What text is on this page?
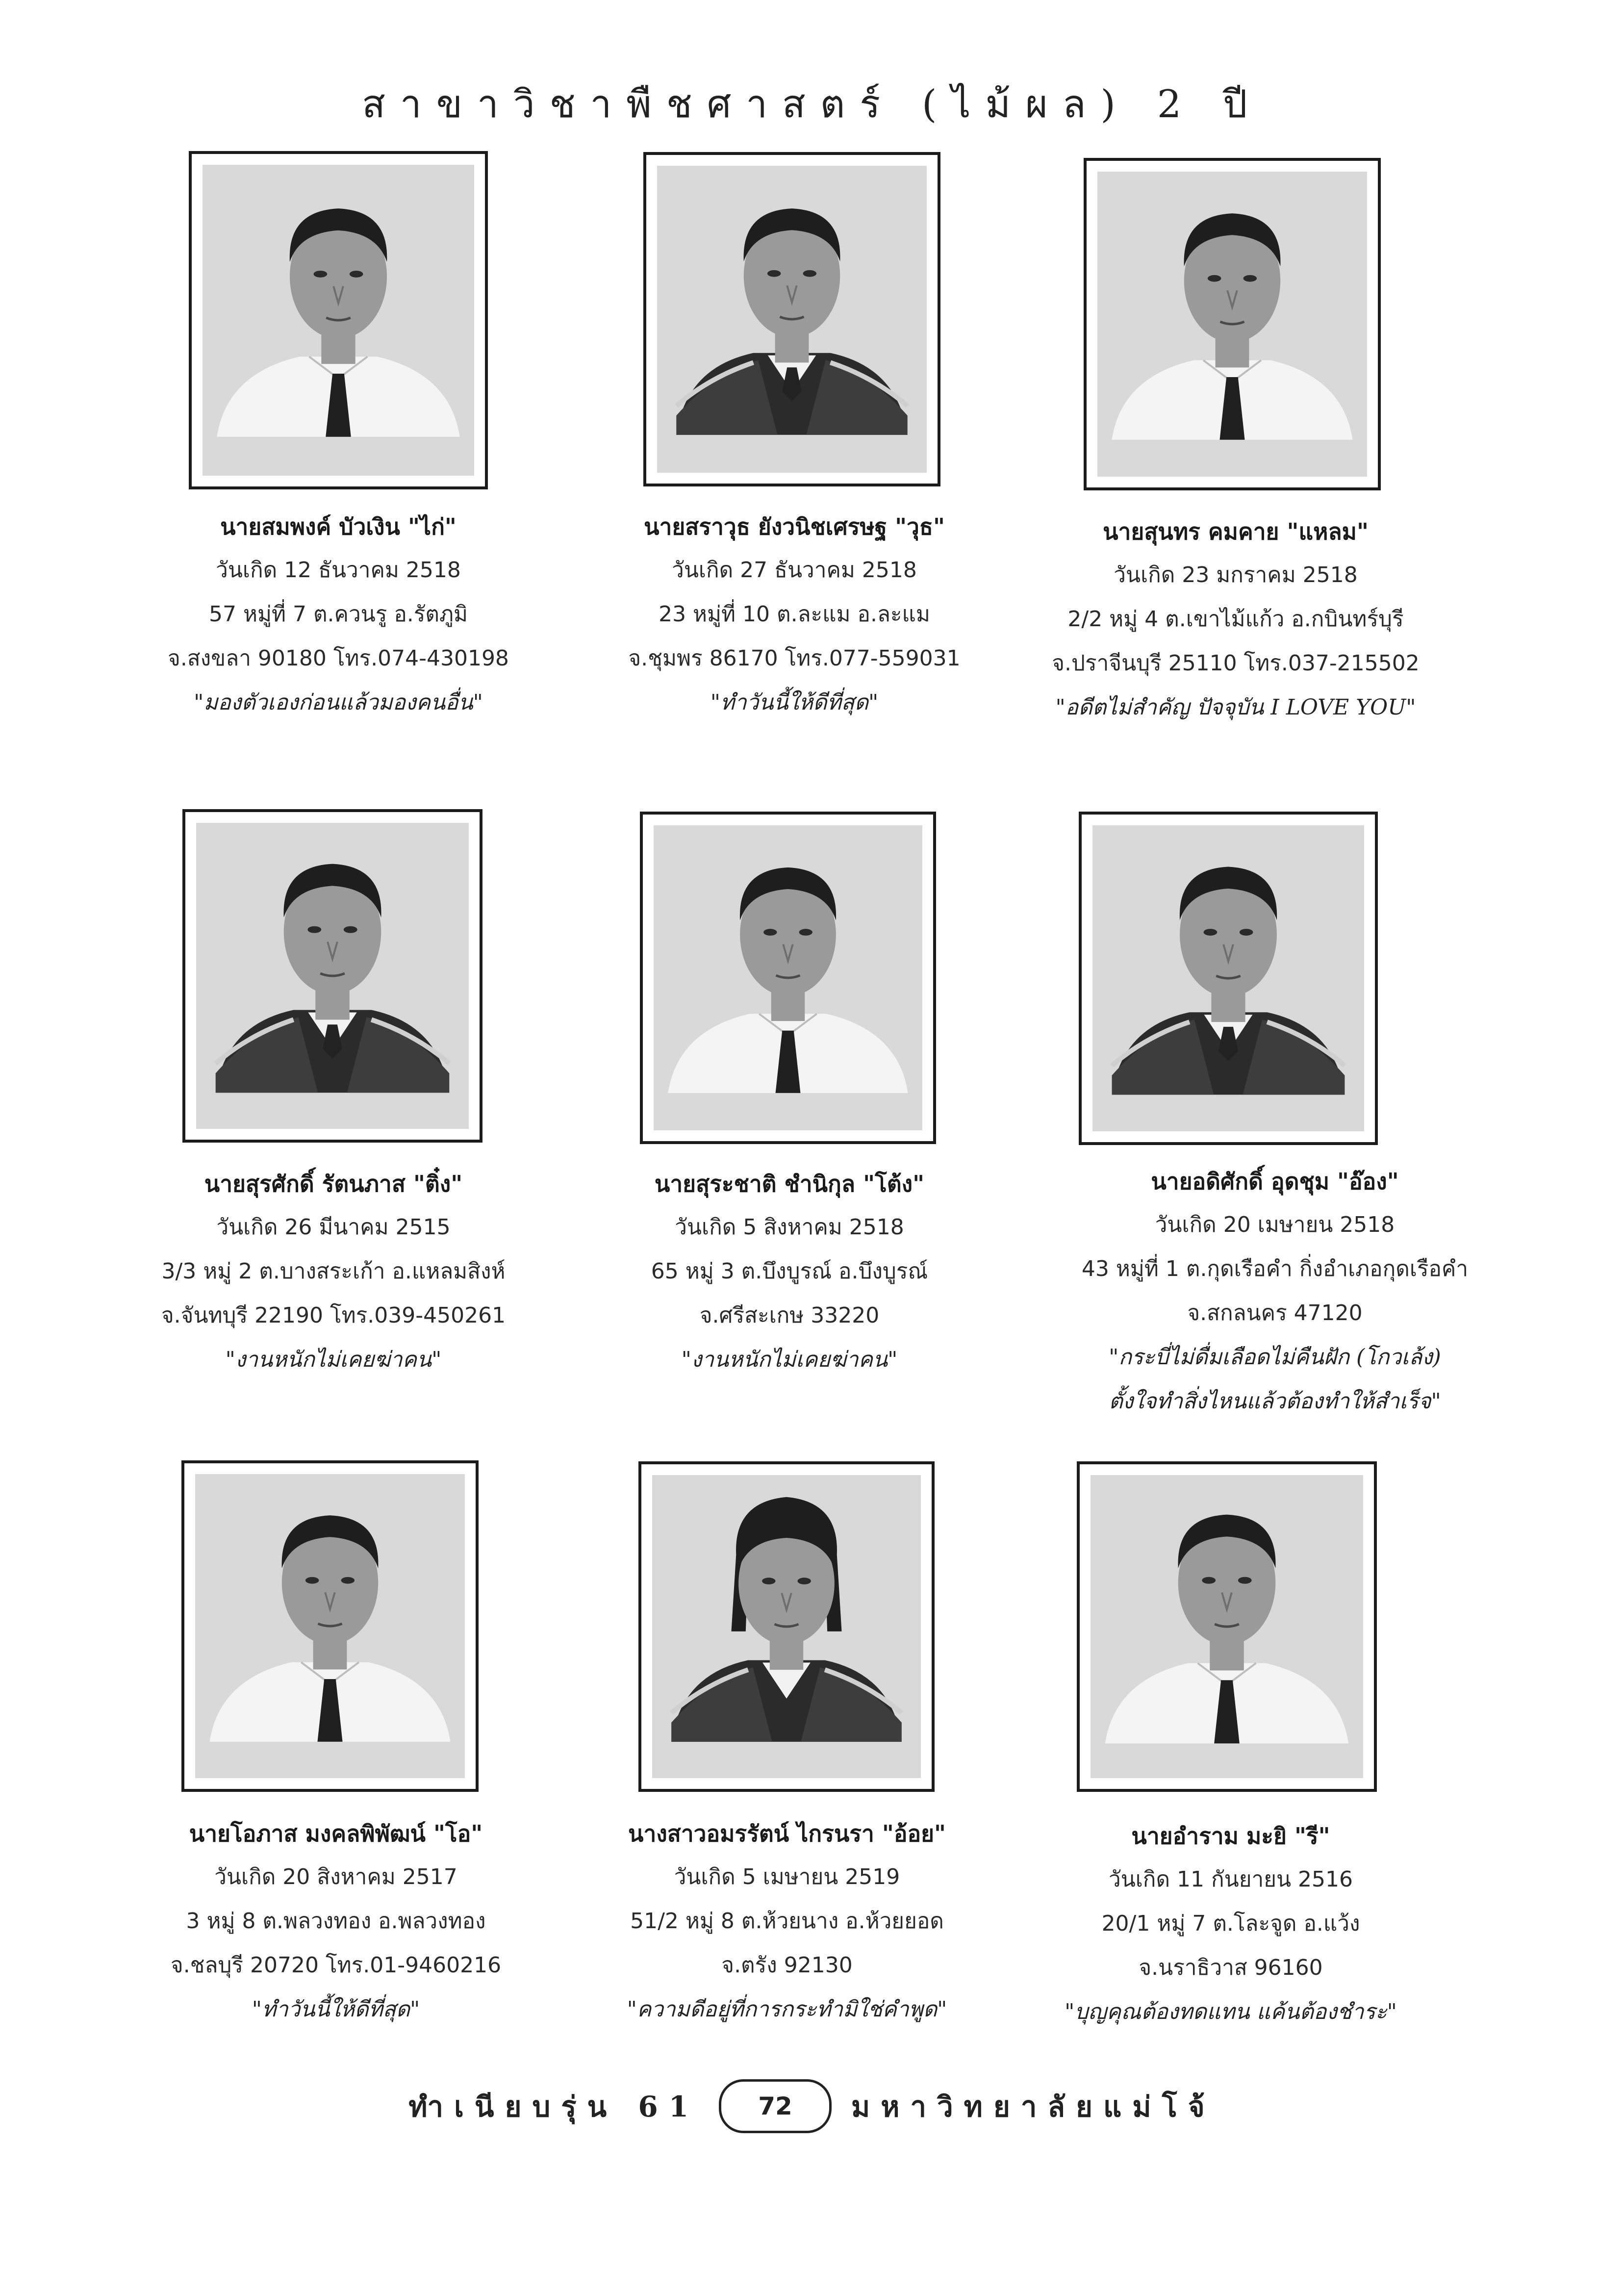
สาขาวิชาพืชศาสตร์ (ไม้ผล) 2 ปี
นายสมพงค์ บัวเงิน "ไก่"
วันเกิด 12 ธันวาคม 2518
57 หมู่ที่ 7 ต.ควนรู อ.รัตภูมิ
จ.สงขลา 90180 โทร.074-430198
"มองตัวเองก่อนแล้วมองคนอื่น"
นายสราวุธ ยังวนิชเศรษฐ "วุธ"
วันเกิด 27 ธันวาคม 2518
23 หมู่ที่ 10 ต.ละแม อ.ละแม
จ.ชุมพร 86170 โทร.077-559031
"ทำวันนี้ให้ดีที่สุด"
นายสุนทร คมคาย "แหลม"
วันเกิด 23 มกราคม 2518
2/2 หมู่ 4 ต.เขาไม้แก้ว อ.กบินทร์บุรี
จ.ปราจีนบุรี 25110 โทร.037-215502
"อดีตไม่สำคัญ ปัจจุบัน I LOVE YOU"
นายสุรศักดิ์ รัตนภาส "ติ๋ง"
วันเกิด 26 มีนาคม 2515
3/3 หมู่ 2 ต.บางสระเก้า อ.แหลมสิงห์
จ.จันทบุรี 22190 โทร.039-450261
"งานหนักไม่เคยฆ่าคน"
นายสุระชาติ ชำนิกุล "โต้ง"
วันเกิด 5 สิงหาคม 2518
65 หมู่ 3 ต.บึงบูรณ์ อ.บึงบูรณ์
จ.ศรีสะเกษ 33220
"งานหนักไม่เคยฆ่าคน"
นายอดิศักดิ์ อุดชุม "อ๊อง"
วันเกิด 20 เมษายน 2518
43 หมู่ที่ 1 ต.กุดเรือคำ กิ่งอำเภอกุดเรือคำ
จ.สกลนคร 47120
"กระบี่ไม่ดื่มเลือดไม่คืนฝัก (โกวเล้ง)
ตั้งใจทำสิ่งไหนแล้วต้องทำให้สำเร็จ"
นายโอภาส มงคลพิพัฒน์ "โอ"
วันเกิด 20 สิงหาคม 2517
3 หมู่ 8 ต.พลวงทอง อ.พลวงทอง
จ.ชลบุรี 20720 โทร.01-9460216
"ทำวันนี้ให้ดีที่สุด"
นางสาวอมรรัตน์ ไกรนรา "อ้อย"
วันเกิด 5 เมษายน 2519
51/2 หมู่ 8 ต.ห้วยนาง อ.ห้วยยอด
จ.ตรัง 92130
"ความดีอยู่ที่การกระทำมิใช่คำพูด"
นายอำราม มะยิ "รี"
วันเกิด 11 กันยายน 2516
20/1 หมู่ 7 ต.โละจูด อ.แว้ง
จ.นราธิวาส 96160
"บุญคุณต้องทดแทน แค้นต้องชำระ"
ทำเนียบรุ่น 61	72	มหาวิทยาลัยแม่โจ้
